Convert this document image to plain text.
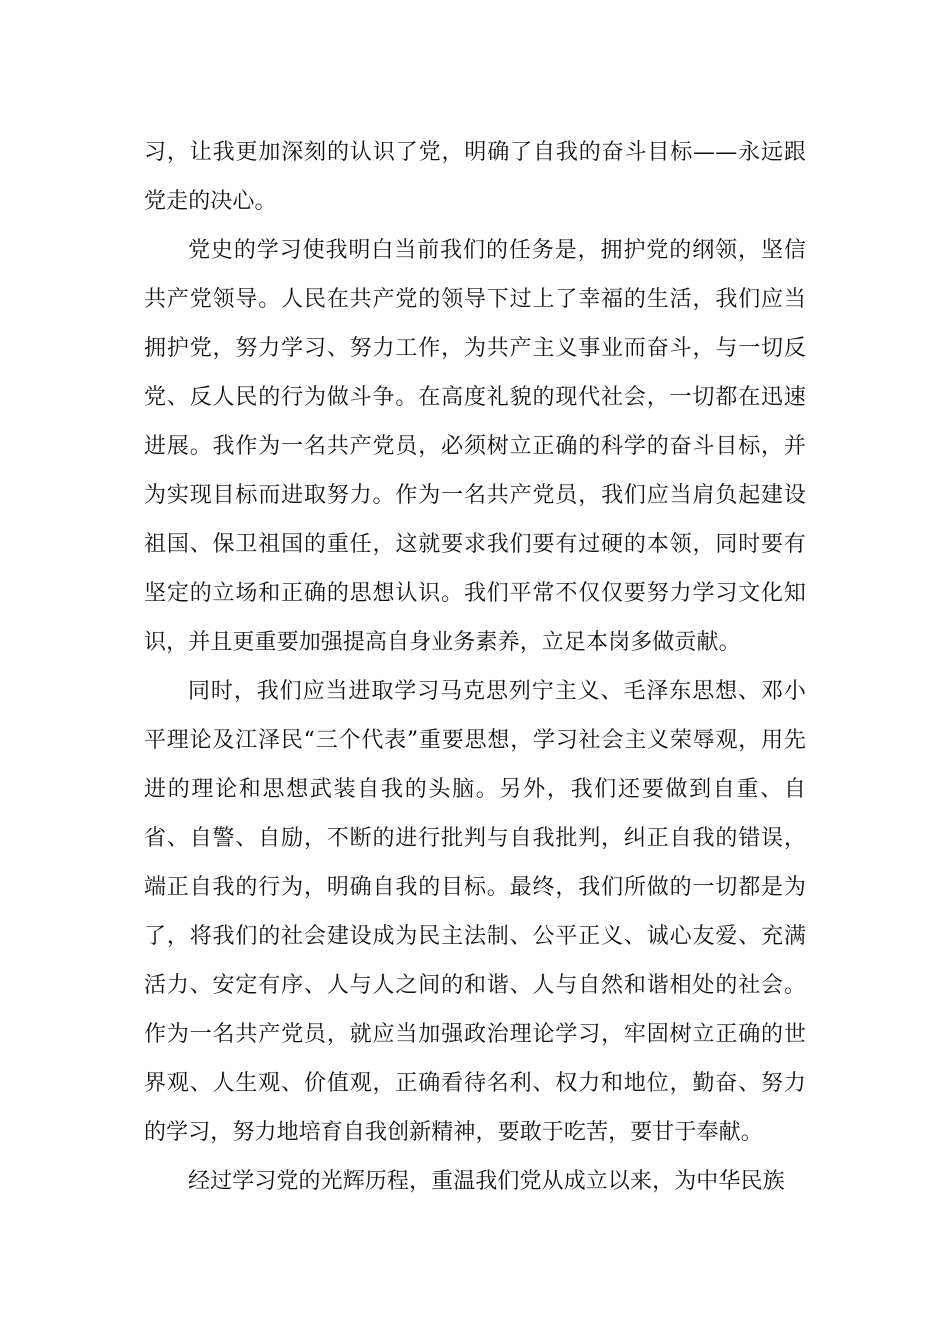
习，让我更加深刻的认识了党，明确了自我的奋斗目标——永远跟党走的决心。

党史的学习使我明白当前我们的任务是，拥护党的纲领，坚信共产党领导。人民在共产党的领导下过上了幸福的生活，我们应当拥护党，努力学习、努力工作，为共产主义事业而奋斗，与一切反党、反人民的行为做斗争。在高度礼貌的现代社会，一切都在迅速进展。我作为一名共产党员，必须树立正确的科学的奋斗目标，并为实现目标而进取努力。作为一名共产党员，我们应当肩负起建设祖国、保卫祖国的重任，这就要求我们要有过硬的本领，同时要有坚定的立场和正确的思想认识。我们平常不仅仅要努力学习文化知识，并且更重要加强提高自身业务素养，立足本岗多做贡献。

同时，我们应当进取学习马克思列宁主义、毛泽东思想、邓小平理论及江泽民“三个代表”重要思想，学习社会主义荣辱观，用先进的理论和思想武装自我的头脑。另外，我们还要做到自重、自省、自警、自励，不断的进行批判与自我批判，纠正自我的错误，端正自我的行为，明确自我的目标。最终，我们所做的一切都是为了，将我们的社会建设成为民主法制、公平正义、诚心友爱、充满活力、安定有序、人与人之间的和谐、人与自然和谐相处的社会。作为一名共产党员，就应当加强政治理论学习，牢固树立正确的世界观、人生观、价值观，正确看待名利、权力和地位，勤奋、努力的学习，努力地培育自我创新精神，要敢于吃苦，要甘于奉献。

经过学习党的光辉历程，重温我们党从成立以来，为中华民族
